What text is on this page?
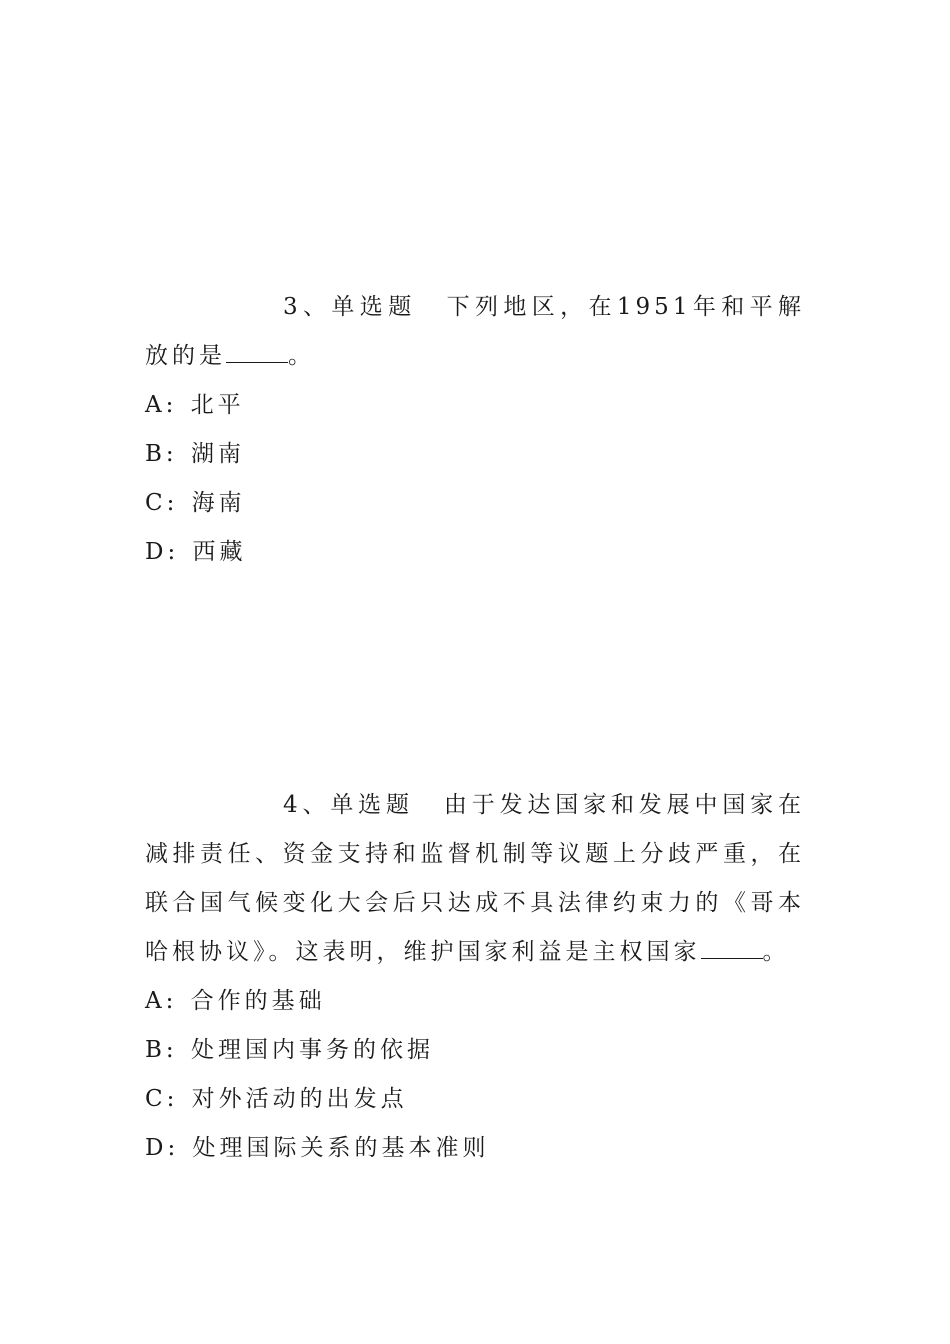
3、单选题 下列地区，在1951年和平解放的是	。

A: 北平
B: 湖南
C: 海南
D: 西藏

4、单选题 由于发达国家和发展中国家在减排责任、资金支持和监督机制等议题上分歧严重，在联合国气候变化大会后只达成不具法律约束力的《哥本哈根协议》。这表明，维护国家利益是主权国家	。

A: 合作的基础
B: 处理国内事务的依据
C: 对外活动的出发点
D: 处理国际关系的基本准则
